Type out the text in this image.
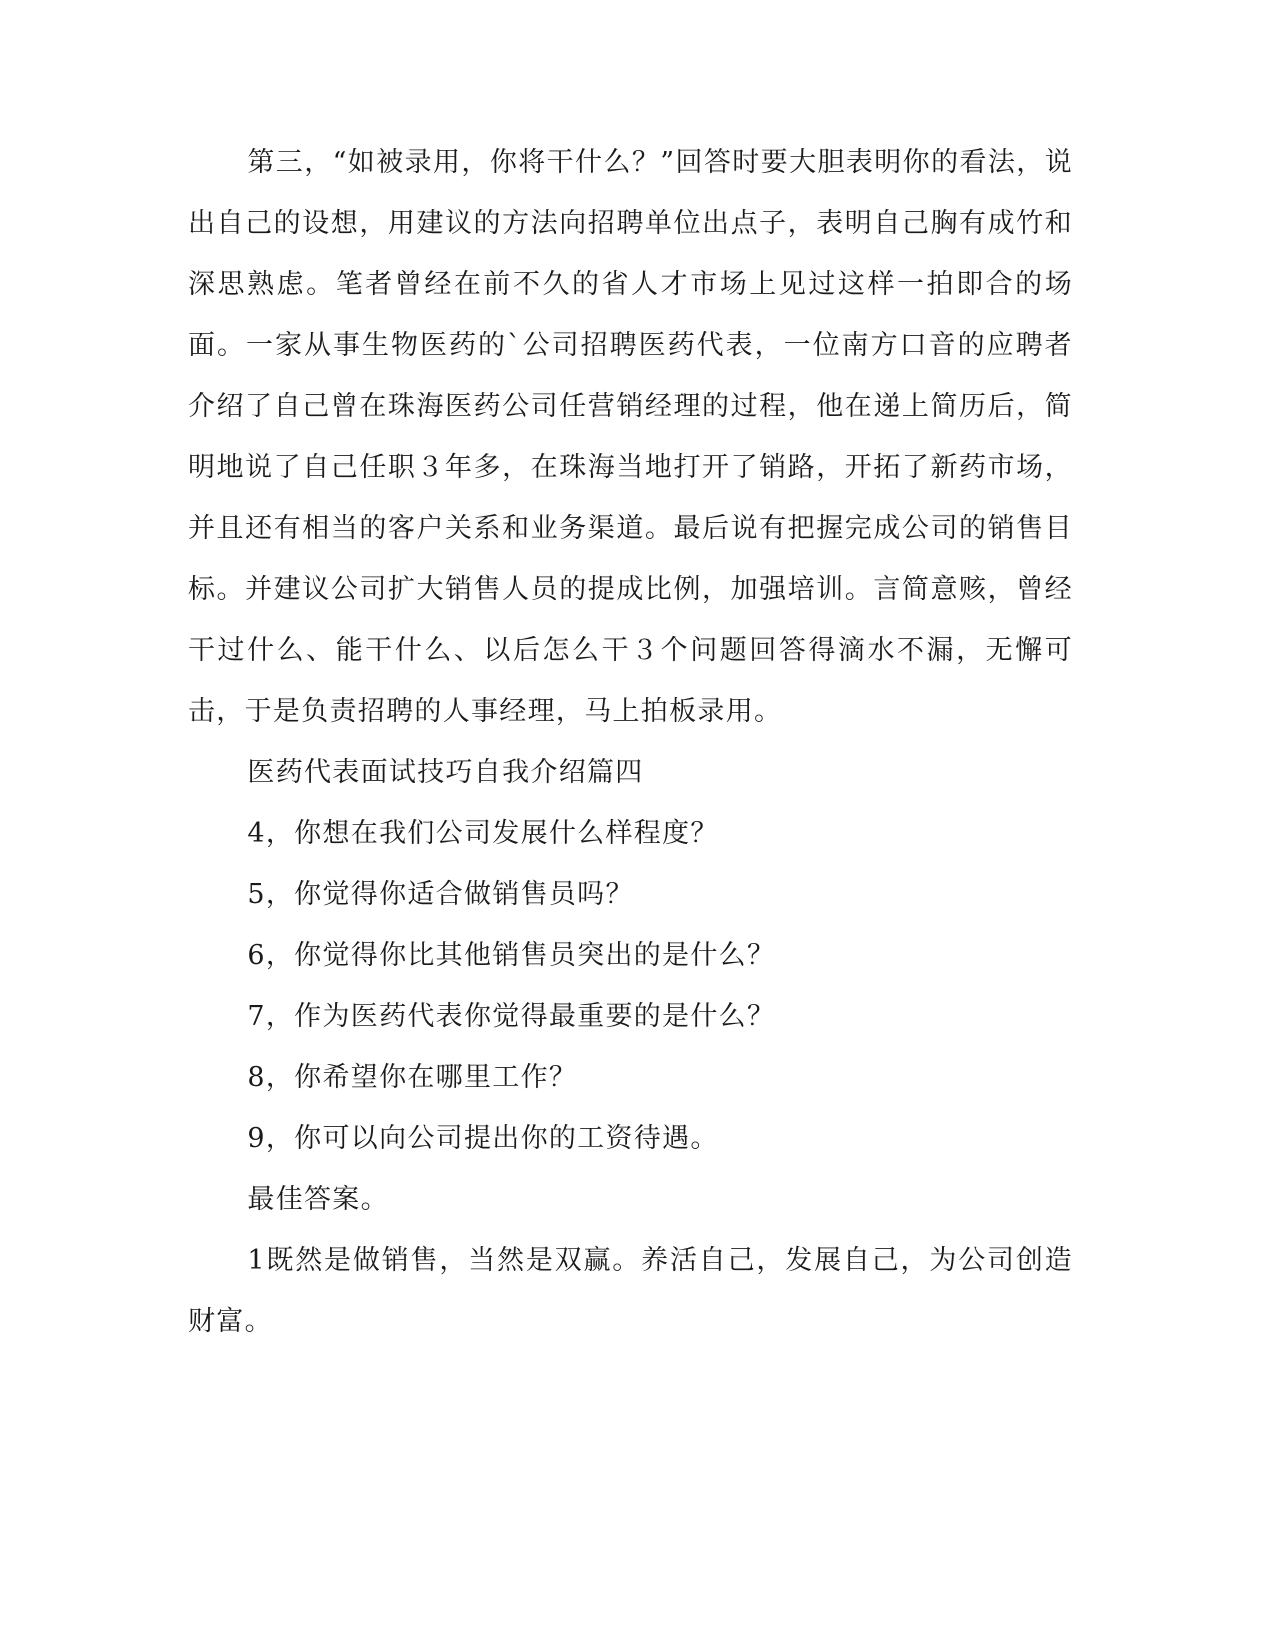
第三，“如被录用，你将干什么？”回答时要大胆表明你的看法，说出自己的设想，用建议的方法向招聘单位出点子，表明自己胸有成竹和深思熟虑。笔者曾经在前不久的省人才市场上见过这样一拍即合的场面。一家从事生物医药的`公司招聘医药代表，一位南方口音的应聘者介绍了自己曾在珠海医药公司任营销经理的过程，他在递上简历后，简明地说了自己任职３年多，在珠海当地打开了销路，开拓了新药市场，并且还有相当的客户关系和业务渠道。最后说有把握完成公司的销售目标。并建议公司扩大销售人员的提成比例，加强培训。言简意赅，曾经干过什么、能干什么、以后怎么干３个问题回答得滴水不漏，无懈可击，于是负责招聘的人事经理，马上拍板录用。

医药代表面试技巧自我介绍篇四

4，你想在我们公司发展什么样程度？

5，你觉得你适合做销售员吗？

6，你觉得你比其他销售员突出的是什么？

7，作为医药代表你觉得最重要的是什么？

8，你希望你在哪里工作？

9，你可以向公司提出你的工资待遇。

最佳答案。

1既然是做销售，当然是双赢。养活自己，发展自己，为公司创造财富。
